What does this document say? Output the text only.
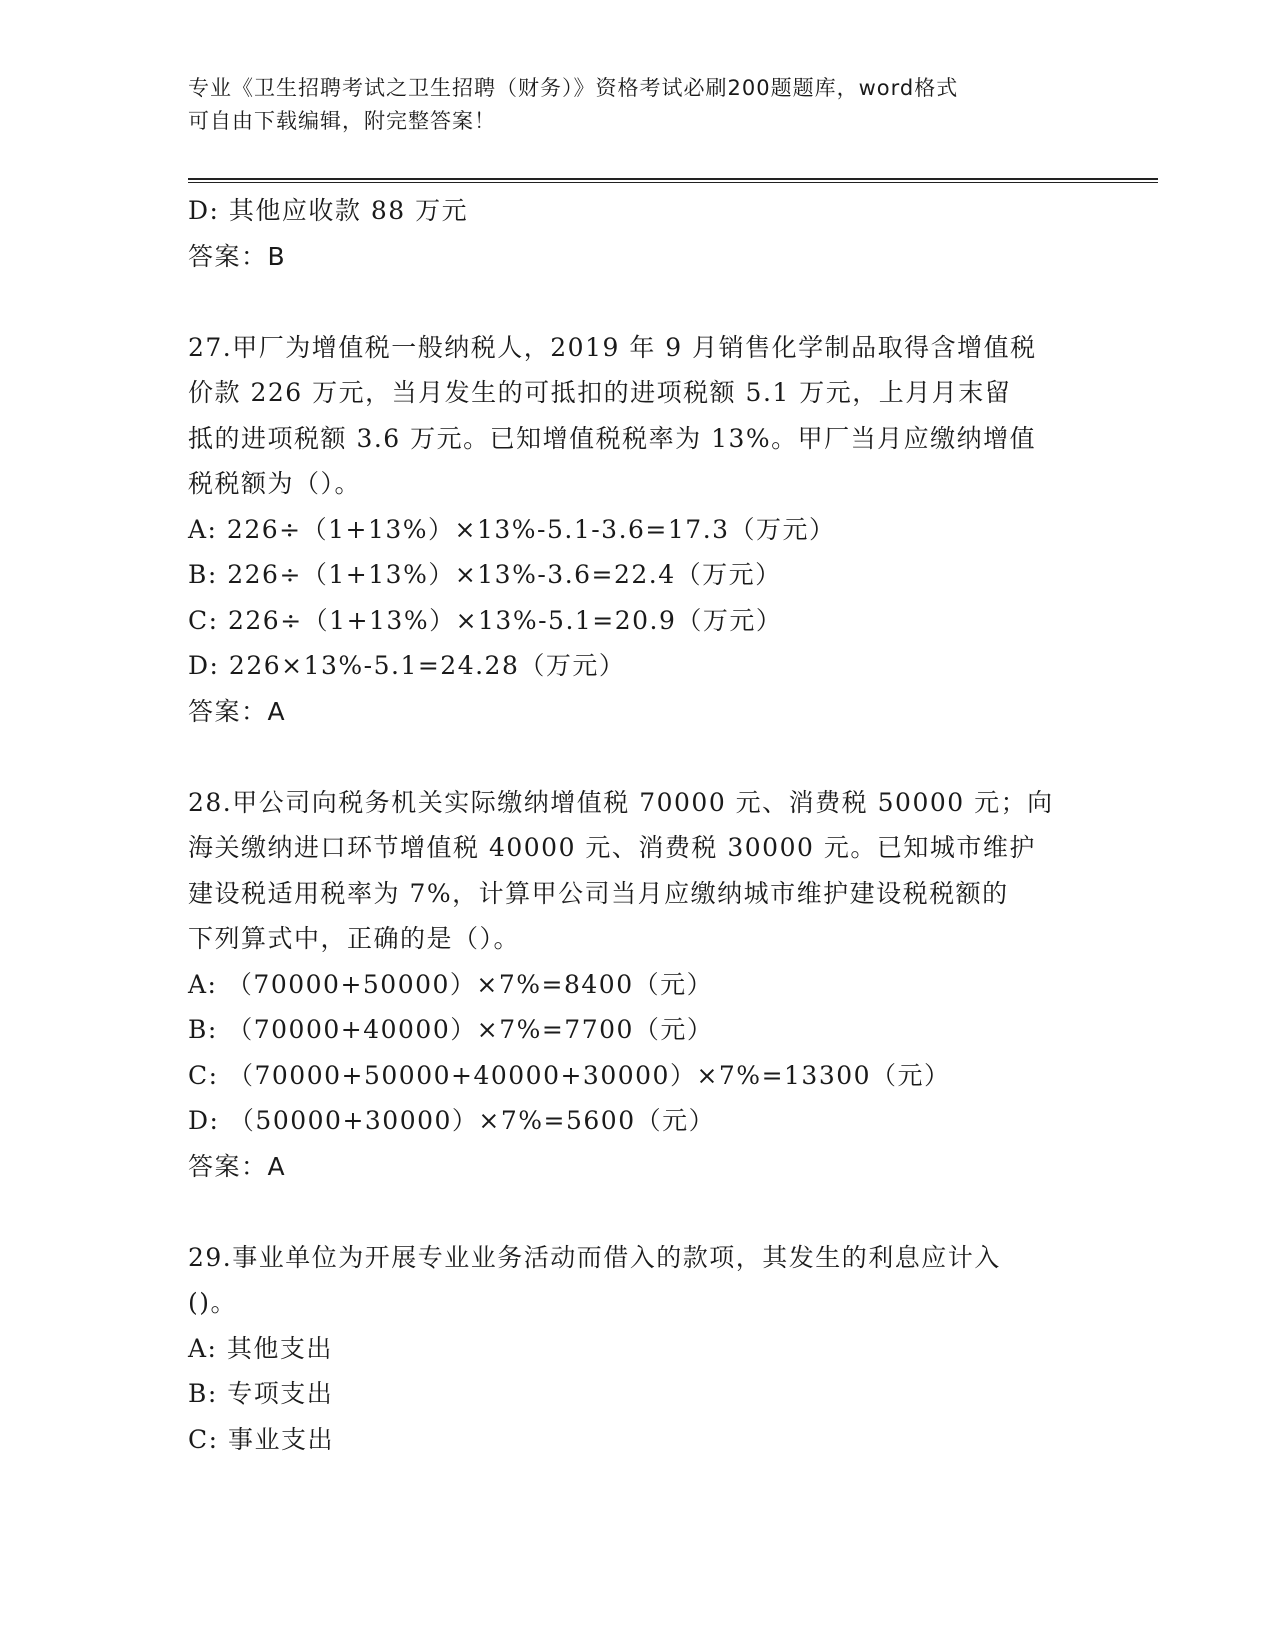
专业《卫生招聘考试之卫生招聘（财务）》资格考试必刷200题题库，word格式
可自由下载编辑，附完整答案！
D: 其他应收款 88 万元
答案：B
27.甲厂为增值税一般纳税人，2019 年 9 月销售化学制品取得含增值税
价款 226 万元，当月发生的可抵扣的进项税额 5.1 万元，上月月末留
抵的进项税额 3.6 万元。已知增值税税率为 13%。甲厂当月应缴纳增值
税税额为（）。
A: 226÷（1+13%）×13%-5.1-3.6=17.3（万元）
B: 226÷（1+13%）×13%-3.6=22.4（万元）
C: 226÷（1+13%）×13%-5.1=20.9（万元）
D: 226×13%-5.1=24.28（万元）
答案：A
28.甲公司向税务机关实际缴纳增值税 70000 元、消费税 50000 元；向
海关缴纳进口环节增值税 40000 元、消费税 30000 元。已知城市维护
建设税适用税率为 7%，计算甲公司当月应缴纳城市维护建设税税额的
下列算式中，正确的是（）。
A: （70000+50000）×7%=8400（元）
B: （70000+40000）×7%=7700（元）
C: （70000+50000+40000+30000）×7%=13300（元）
D: （50000+30000）×7%=5600（元）
答案：A
29.事业单位为开展专业业务活动而借入的款项，其发生的利息应计入
()。
A: 其他支出
B: 专项支出
C: 事业支出
